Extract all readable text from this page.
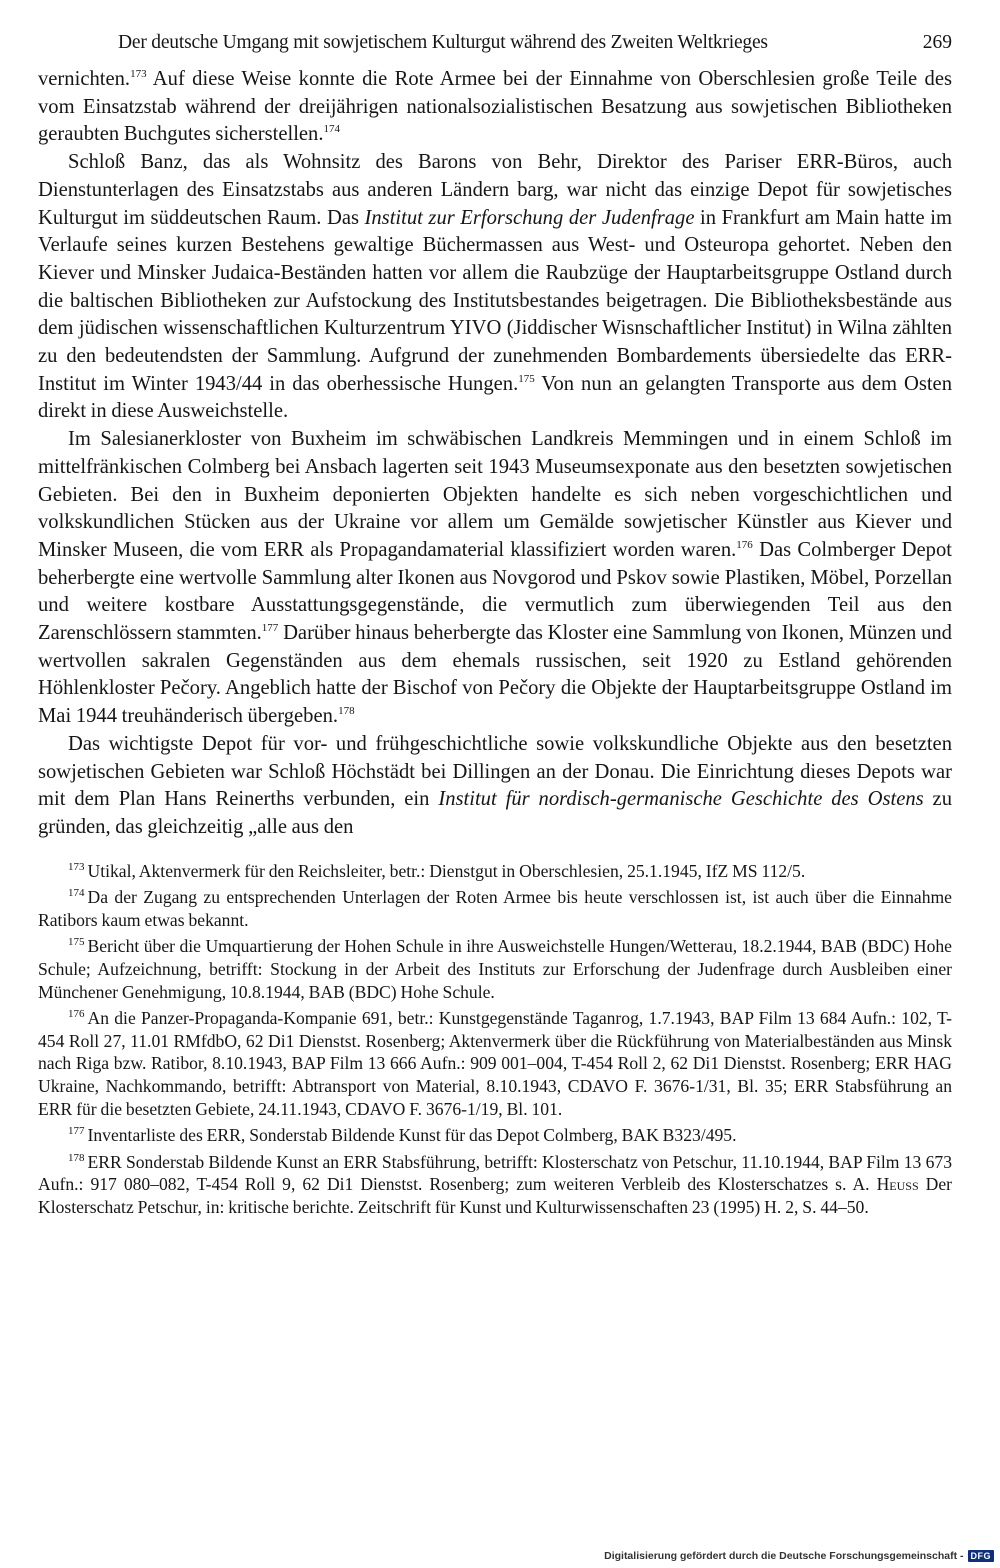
Der deutsche Umgang mit sowjetischem Kulturgut während des Zweiten Weltkrieges	269

vernichten.$^{173}$ Auf diese Weise konnte die Rote Armee bei der Einnahme von Oberschlesien große Teile des vom Einsatzstab während der dreijährigen nationalsozialistischen Besatzung aus sowjetischen Bibliotheken geraubten Buchgutes sicherstellen.$^{174}$

Schloß Banz, das als Wohnsitz des Barons von Behr, Direktor des Pariser ERR-Büros, auch Dienstunterlagen des Einsatzstabs aus anderen Ländern barg, war nicht das einzige Depot für sowjetisches Kulturgut im süddeutschen Raum. Das Institut zur Erforschung der Judenfrage in Frankfurt am Main hatte im Verlaufe seines kurzen Bestehens gewaltige Büchermassen aus West- und Osteuropa gehortet. Neben den Kiever und Minsker Judaica-Beständen hatten vor allem die Raubzüge der Hauptarbeitsgruppe Ostland durch die baltischen Bibliotheken zur Aufstockung des Institutsbestandes beigetragen. Die Bibliotheksbestände aus dem jüdischen wissenschaftlichen Kulturzentrum YIVO (Jiddischer Wisnschaftlicher Institut) in Wilna zählten zu den bedeutendsten der Sammlung. Aufgrund der zunehmenden Bombardements übersiedelte das ERR-Institut im Winter 1943/44 in das oberhessische Hungen.$^{175}$ Von nun an gelangten Transporte aus dem Osten direkt in diese Ausweichstelle.

Im Salesianerkloster von Buxheim im schwäbischen Landkreis Memmingen und in einem Schloß im mittelfränkischen Colmberg bei Ansbach lagerten seit 1943 Museumsexponate aus den besetzten sowjetischen Gebieten. Bei den in Buxheim deponierten Objekten handelte es sich neben vorgeschichtlichen und volkskundlichen Stücken aus der Ukraine vor allem um Gemälde sowjetischer Künstler aus Kiever und Minsker Museen, die vom ERR als Propagandamaterial klassifiziert worden waren.$^{176}$ Das Colmberger Depot beherbergte eine wertvolle Sammlung alter Ikonen aus Novgorod und Pskov sowie Plastiken, Möbel, Porzellan und weitere kostbare Ausstattungsgegenstände, die vermutlich zum überwiegenden Teil aus den Zarenschlössern stammten.$^{177}$ Darüber hinaus beherbergte das Kloster eine Sammlung von Ikonen, Münzen und wertvollen sakralen Gegenständen aus dem ehemals russischen, seit 1920 zu Estland gehörenden Höhlenkloster Pečory. Angeblich hatte der Bischof von Pečory die Objekte der Hauptarbeitsgruppe Ostland im Mai 1944 treuhänderisch übergeben.$^{178}$

Das wichtigste Depot für vor- und frühgeschichtliche sowie volkskundliche Objekte aus den besetzten sowjetischen Gebieten war Schloß Höchstädt bei Dillingen an der Donau. Die Einrichtung dieses Depots war mit dem Plan Hans Reinerths verbunden, ein Institut für nordisch-germanische Geschichte des Ostens zu gründen, das gleichzeitig „alle aus den

$^{173}$ Utikal, Aktenvermerk für den Reichsleiter, betr.: Dienstgut in Oberschlesien, 25.1.1945, IfZ MS 112/5.

$^{174}$ Da der Zugang zu entsprechenden Unterlagen der Roten Armee bis heute verschlossen ist, ist auch über die Einnahme Ratibors kaum etwas bekannt.

$^{175}$ Bericht über die Umquartierung der Hohen Schule in ihre Ausweichstelle Hungen/Wetterau, 18.2.1944, BAB (BDC) Hohe Schule; Aufzeichnung, betrifft: Stockung in der Arbeit des Instituts zur Erforschung der Judenfrage durch Ausbleiben einer Münchener Genehmigung, 10.8.1944, BAB (BDC) Hohe Schule.

$^{176}$ An die Panzer-Propaganda-Kompanie 691, betr.: Kunstgegenstände Taganrog, 1.7.1943, BAP Film 13 684 Aufn.: 102, T-454 Roll 27, 11.01 RMfdbO, 62 Di1 Dienstst. Rosenberg; Aktenvermerk über die Rückführung von Materialbeständen aus Minsk nach Riga bzw. Ratibor, 8.10.1943, BAP Film 13 666 Aufn.: 909 001–004, T-454 Roll 2, 62 Di1 Dienstst. Rosenberg; ERR HAG Ukraine, Nachkommando, betrifft: Abtransport von Material, 8.10.1943, CDAVO F. 3676-1/31, Bl. 35; ERR Stabsführung an ERR für die besetzten Gebiete, 24.11.1943, CDAVO F. 3676-1/19, Bl. 101.

$^{177}$ Inventarliste des ERR, Sonderstab Bildende Kunst für das Depot Colmberg, BAK B323/495.

$^{178}$ ERR Sonderstab Bildende Kunst an ERR Stabsführung, betrifft: Klosterschatz von Petschur, 11.10.1944, BAP Film 13 673 Aufn.: 917 080–082, T-454 Roll 9, 62 Di1 Dienstst. Rosenberg; zum weiteren Verbleib des Klosterschatzes s. A. Heuß Der Klosterschatz Petschur, in: kritische berichte. Zeitschrift für Kunst und Kulturwissenschaften 23 (1995) H. 2, S. 44–50.

Digitalisierung gefördert durch die Deutsche Forschungsgemeinschaft - DFG
